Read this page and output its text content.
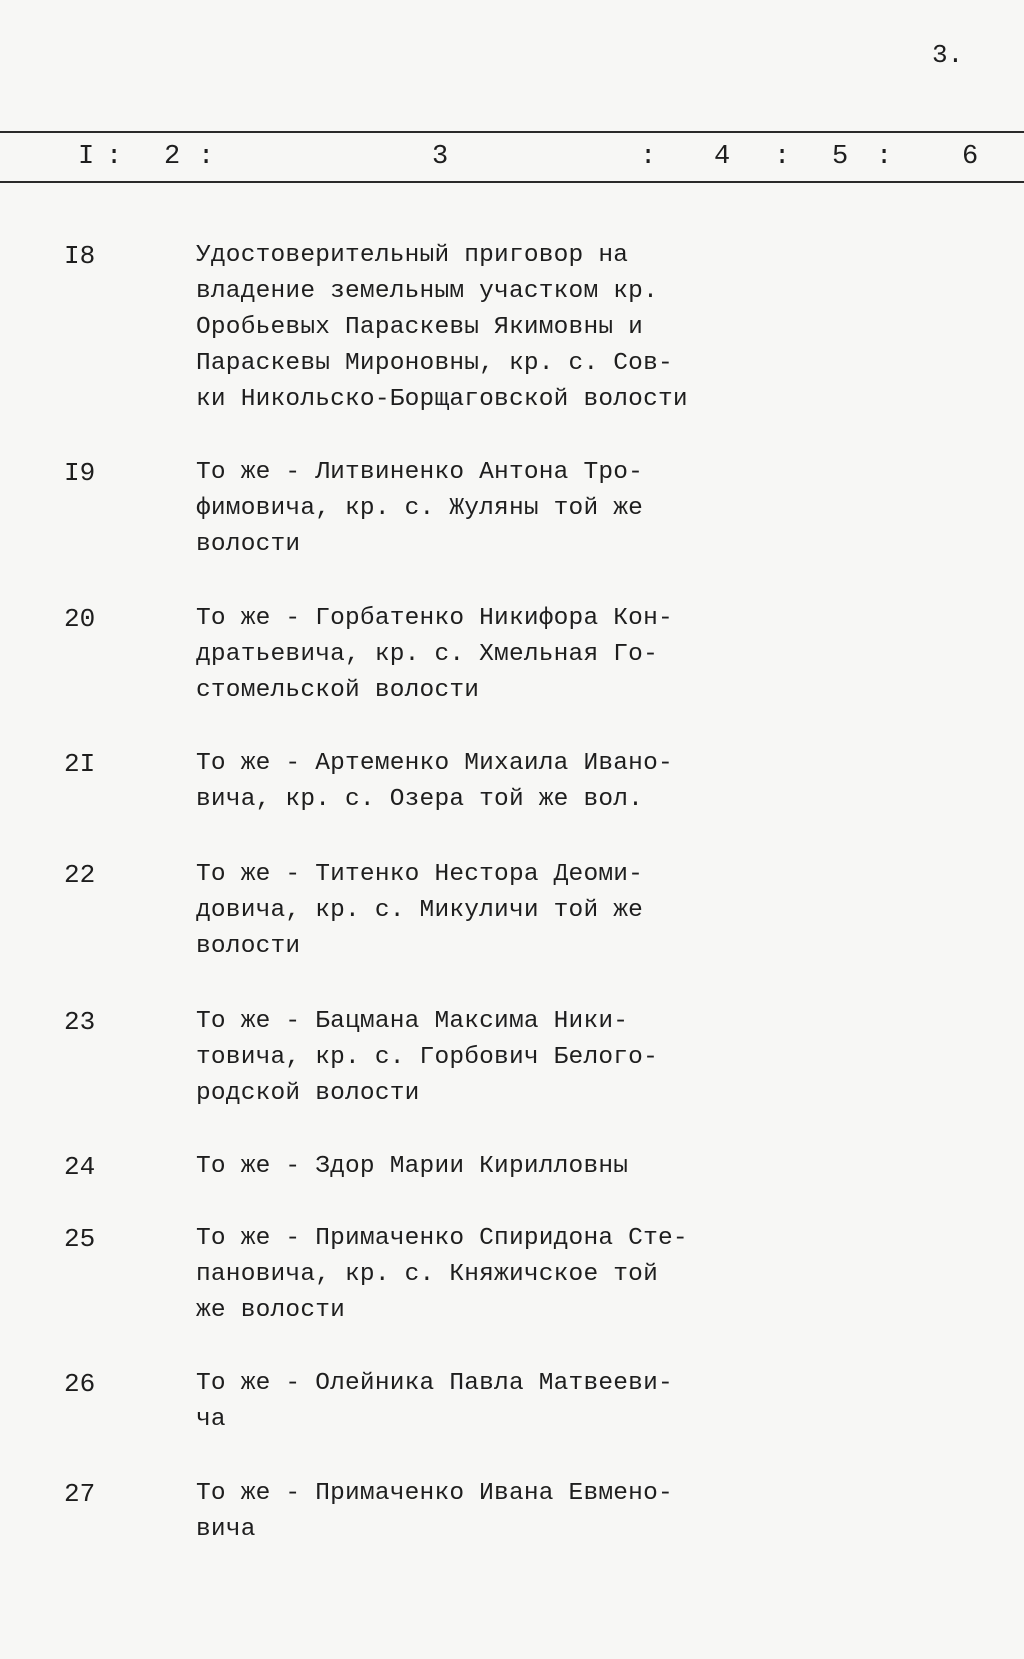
3.
I : 2 :	3	: 4 : 5 :	6
I8	Удостоверительный приговор на
владение земельным участком кр.
Оробьевых Параскевы Якимовны и
Параскевы Мироновны, кр. с. Сов-
ки Никольско-Борщаговской волости

I9	То же - Литвиненко Антона Тро-
фимовича, кр. с. Жуляны той же
волости

20	То же - Горбатенко Никифора Кон-
дратьевича, кр. с. Хмельная Го-
стомельской волости

2I	То же - Артеменко Михаила Ивано-
вича, кр. с. Озера той же вол.

22	То же - Титенко Нестора Деоми-
довича, кр. с. Микуличи той же
волости

23	То же - Бацмана Максима Ники-
товича, кр. с. Горбович Белого-
родской волости

24	То же - Здор Марии Кирилловны

25	То же - Примаченко Спиридона Сте-
пановича, кр. с. Княжичское той
же волости

26	То же - Олейника Павла Матвееви-
ча

27	То же - Примаченко Ивана Евмено-
вича
